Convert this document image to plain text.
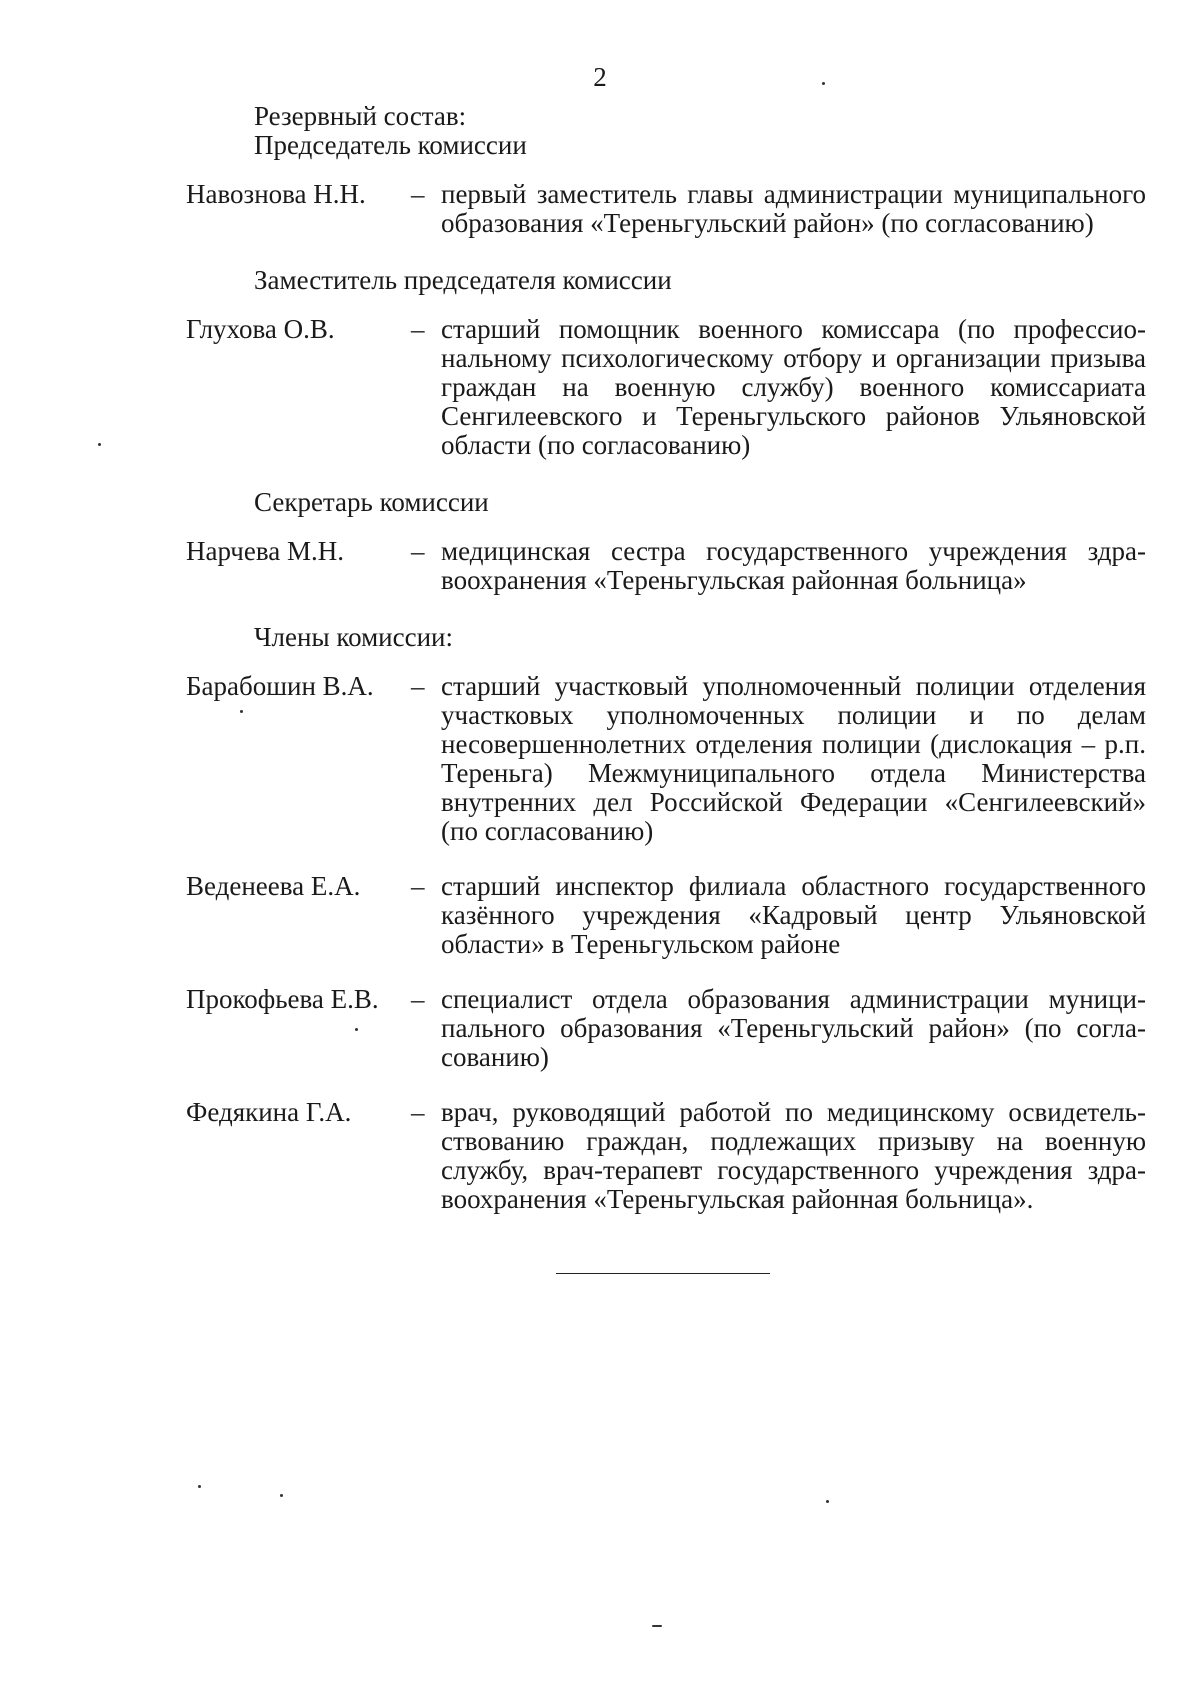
2
Резервный состав:
Председатель комиссии
Навознова Н.Н.	– первый заместитель главы администрации муниципального образования «Тереньгульский район» (по согласованию)
Заместитель председателя комиссии
Глухова О.В.	– старший помощник военного комиссара (по профессиональному психологическому отбору и организации призыва граждан на военную службу) военного комиссариата Сенгилеевского и Тереньгульского районов Ульяновской области (по согласованию)
Секретарь комиссии
Нарчева М.Н.	– медицинская сестра государственного учреждения здравоохранения «Тереньгульская районная больница»
Члены комиссии:
Барабошин В.А.	– старший участковый уполномоченный полиции отделения участковых уполномоченных полиции и по делам несовершеннолетних отделения полиции (дислокация – р.п. Тереньга) Межмуниципального отдела Министерства внутренних дел Российской Федерации «Сенгилеевский» (по согласованию)
Веденеева Е.А.	– старший инспектор филиала областного государственного казённого учреждения «Кадровый центр Ульяновской области» в Тереньгульском районе
Прокофьева Е.В.	– специалист отдела образования администрации муниципального образования «Тереньгульский район» (по согласованию)
Федякина Г.А.	– врач, руководящий работой по медицинскому освидетельствованию граждан, подлежащих призыву на военную службу, врач-терапевт государственного учреждения здравоохранения «Тереньгульская районная больница».
